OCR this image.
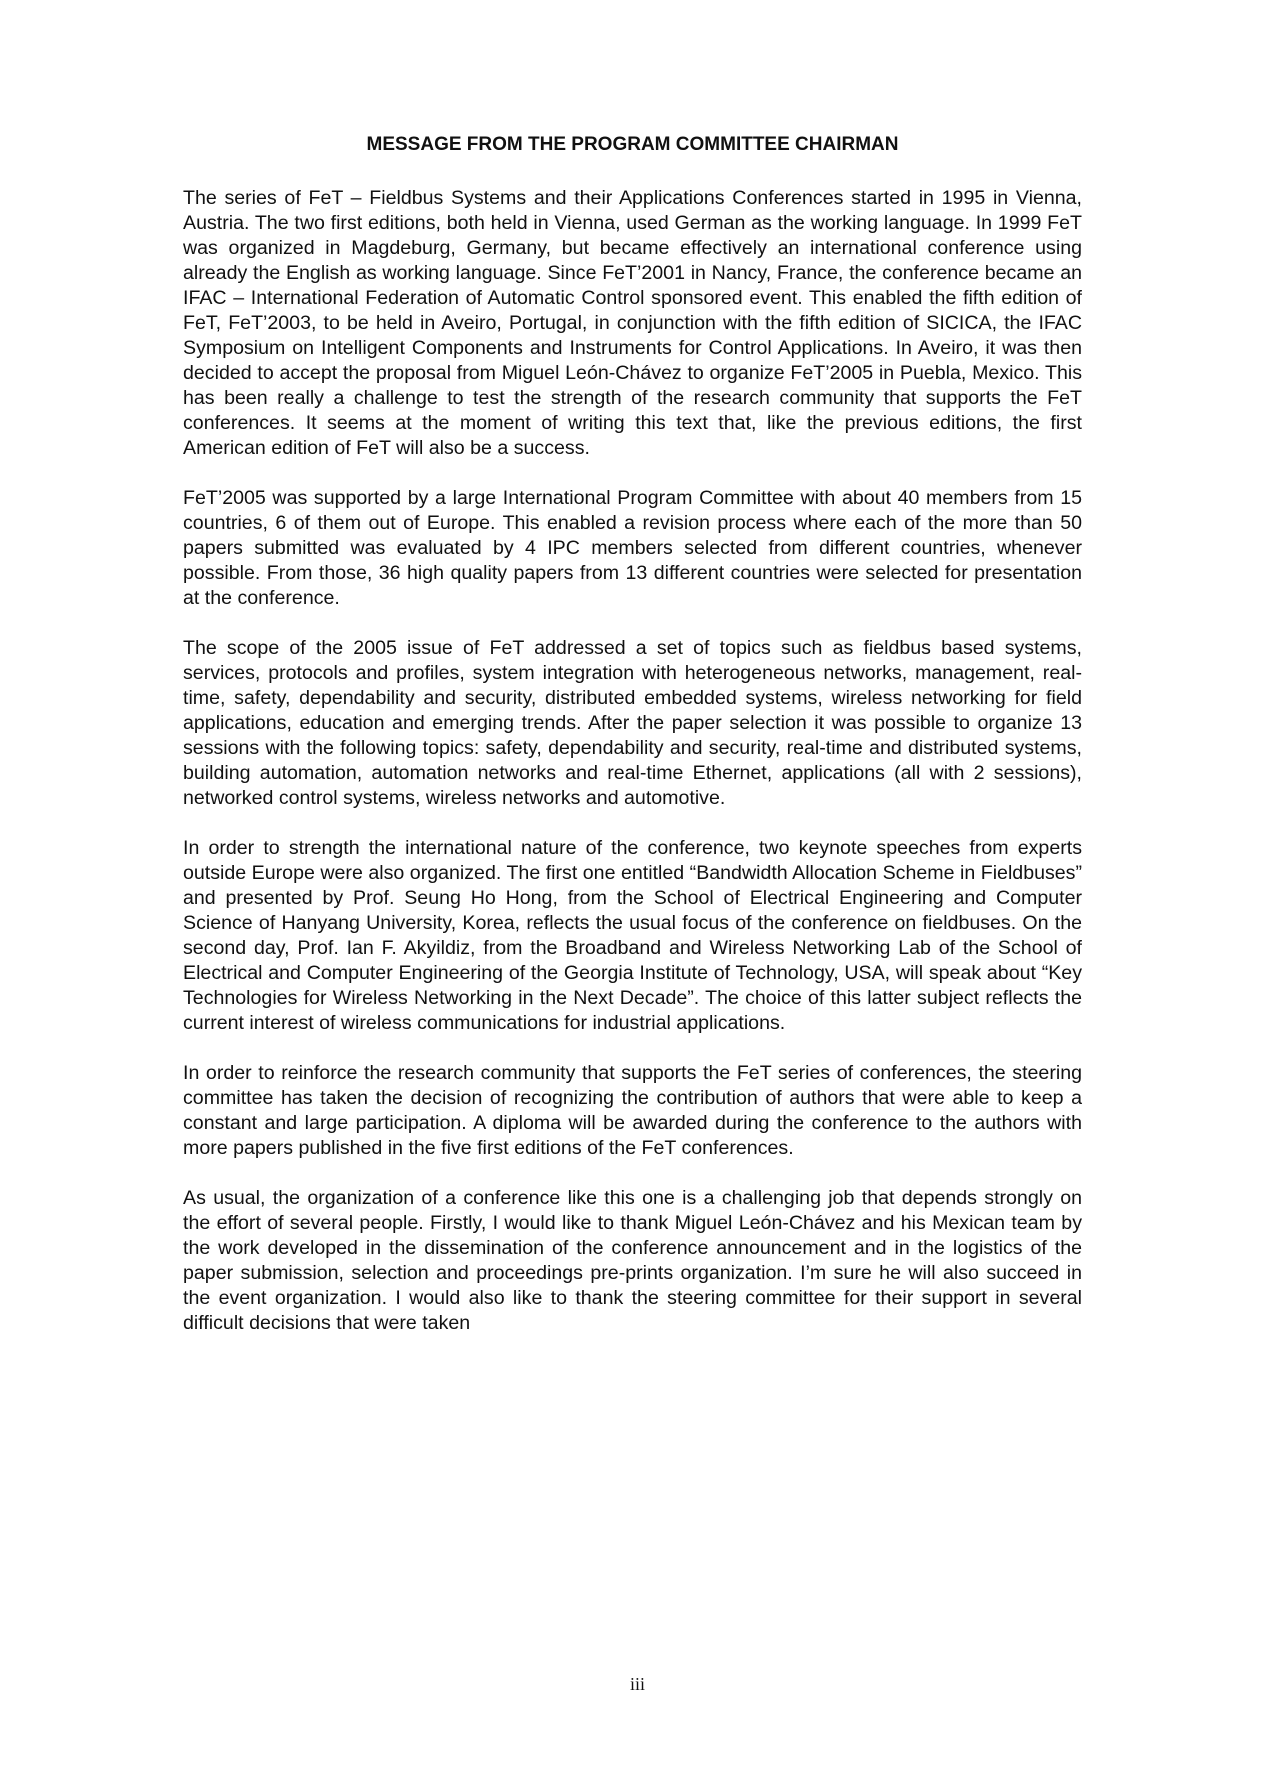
MESSAGE FROM THE PROGRAM COMMITTEE CHAIRMAN

The series of FeT – Fieldbus Systems and their Applications Conferences started in 1995 in Vienna, Austria. The two first editions, both held in Vienna, used German as the working language. In 1999 FeT was organized in Magdeburg, Germany, but became effectively an international conference using already the English as working language. Since FeT’2001 in Nancy, France, the conference became an IFAC – International Federation of Automatic Control sponsored event. This enabled the fifth edition of FeT, FeT’2003, to be held in Aveiro, Portugal, in conjunction with the fifth edition of SICICA, the IFAC Symposium on Intelligent Components and Instruments for Control Applications. In Aveiro, it was then decided to accept the proposal from Miguel León-Chávez to organize FeT’2005 in Puebla, Mexico. This has been really a challenge to test the strength of the research community that supports the FeT conferences. It seems at the moment of writing this text that, like the previous editions, the first American edition of FeT will also be a success.

FeT’2005 was supported by a large International Program Committee with about 40 members from 15 countries, 6 of them out of Europe. This enabled a revision process where each of the more than 50 papers submitted was evaluated by 4 IPC members selected from different countries, whenever possible. From those, 36 high quality papers from 13 different countries were selected for presentation at the conference.

The scope of the 2005 issue of FeT addressed a set of topics such as fieldbus based systems, services, protocols and profiles, system integration with heterogeneous networks, management, real-time, safety, dependability and security, distributed embedded systems, wireless networking for field applications, education and emerging trends. After the paper selection it was possible to organize 13 sessions with the following topics: safety, dependability and security, real-time and distributed systems, building automation, automation networks and real-time Ethernet, applications (all with 2 sessions), networked control systems, wireless networks and automotive.

In order to strength the international nature of the conference, two keynote speeches from experts outside Europe were also organized. The first one entitled “Bandwidth Allocation Scheme in Fieldbuses” and presented by Prof. Seung Ho Hong, from the School of Electrical Engineering and Computer Science of Hanyang University, Korea, reflects the usual focus of the conference on fieldbuses. On the second day, Prof. Ian F. Akyildiz, from the Broadband and Wireless Networking Lab of the School of Electrical and Computer Engineering of the Georgia Institute of Technology, USA, will speak about “Key Technologies for Wireless Networking in the Next Decade”. The choice of this latter subject reflects the current interest of wireless communications for industrial applications.

In order to reinforce the research community that supports the FeT series of conferences, the steering committee has taken the decision of recognizing the contribution of authors that were able to keep a constant and large participation. A diploma will be awarded during the conference to the authors with more papers published in the five first editions of the FeT conferences.

As usual, the organization of a conference like this one is a challenging job that depends strongly on the effort of several people. Firstly, I would like to thank Miguel León-Chávez and his Mexican team by the work developed in the dissemination of the conference announcement and in the logistics of the paper submission, selection and proceedings pre-prints organization. I’m sure he will also succeed in the event organization. I would also like to thank the steering committee for their support in several difficult decisions that were taken

iii
